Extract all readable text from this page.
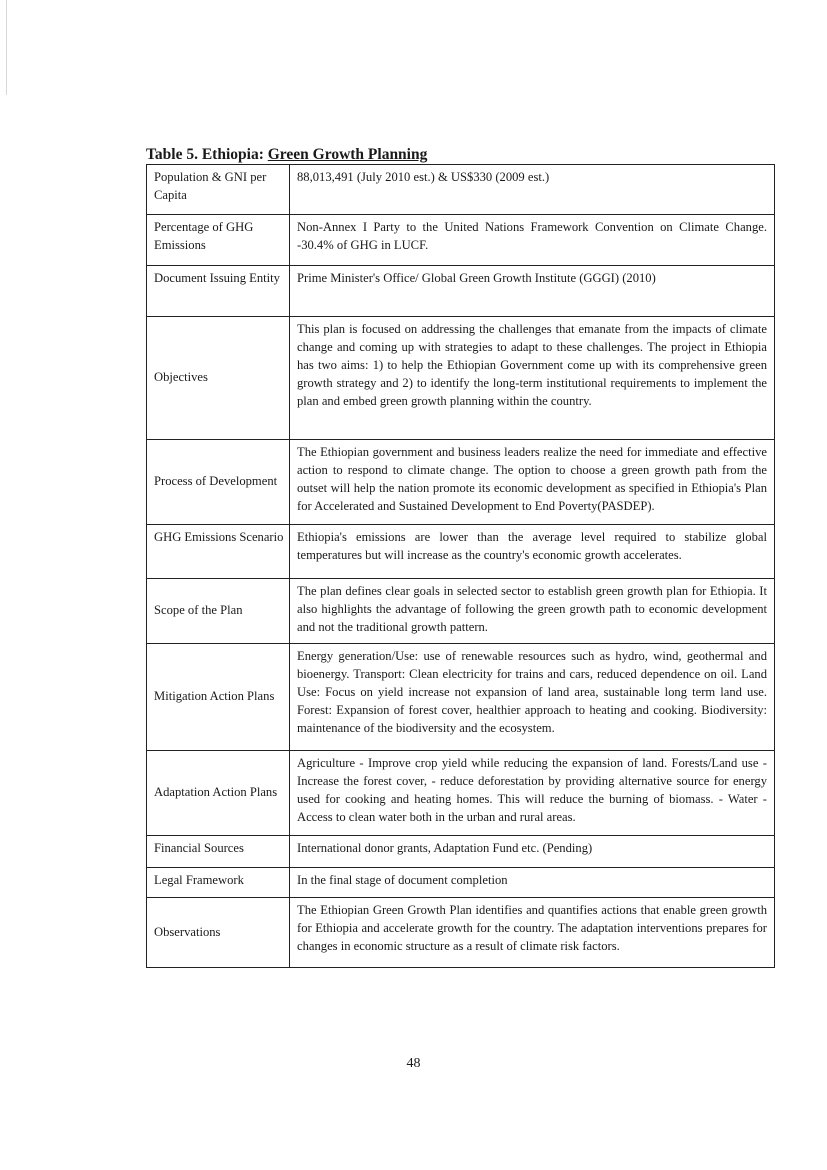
Table 5. Ethiopia: Green Growth Planning
Population & GNI per Capita	88,013,491 (July 2010 est.) & US$330 (2009 est.)
Percentage of GHG Emissions	Non-Annex I Party to the United Nations Framework Convention on Climate Change. -30.4% of GHG in LUCF.
Document Issuing Entity	Prime Minister's Office/ Global Green Growth Institute (GGGI) (2010)
Objectives	This plan is focused on addressing the challenges that emanate from the impacts of climate change and coming up with strategies to adapt to these challenges. The project in Ethiopia has two aims: 1) to help the Ethiopian Government come up with its comprehensive green growth strategy and 2) to identify the long-term institutional requirements to implement the plan and embed green growth planning within the country.
Process of Development	The Ethiopian government and business leaders realize the need for immediate and effective action to respond to climate change. The option to choose a green growth path from the outset will help the nation promote its economic development as specified in Ethiopia's Plan for Accelerated and Sustained Development to End Poverty(PASDEP).
GHG Emissions Scenario	Ethiopia's emissions are lower than the average level required to stabilize global temperatures but will increase as the country's economic growth accelerates.
Scope of the Plan	The plan defines clear goals in selected sector to establish green growth plan for Ethiopia. It also highlights the advantage of following the green growth path to economic development and not the traditional growth pattern.
Mitigation Action Plans	Energy generation/Use: use of renewable resources such as hydro, wind, geothermal and bioenergy. Transport: Clean electricity for trains and cars, reduced dependence on oil. Land Use: Focus on yield increase not expansion of land area, sustainable long term land use. Forest: Expansion of forest cover, healthier approach to heating and cooking. Biodiversity: maintenance of the biodiversity and the ecosystem.
Adaptation Action Plans	Agriculture - Improve crop yield while reducing the expansion of land. Forests/Land use - Increase the forest cover, - reduce deforestation by providing alternative source for energy used for cooking and heating homes. This will reduce the burning of biomass. - Water - Access to clean water both in the urban and rural areas.
Financial Sources	International donor grants, Adaptation Fund etc. (Pending)
Legal Framework	In the final stage of document completion
Observations	The Ethiopian Green Growth Plan identifies and quantifies actions that enable green growth for Ethiopia and accelerate growth for the country. The adaptation interventions prepares for changes in economic structure as a result of climate risk factors.
48
